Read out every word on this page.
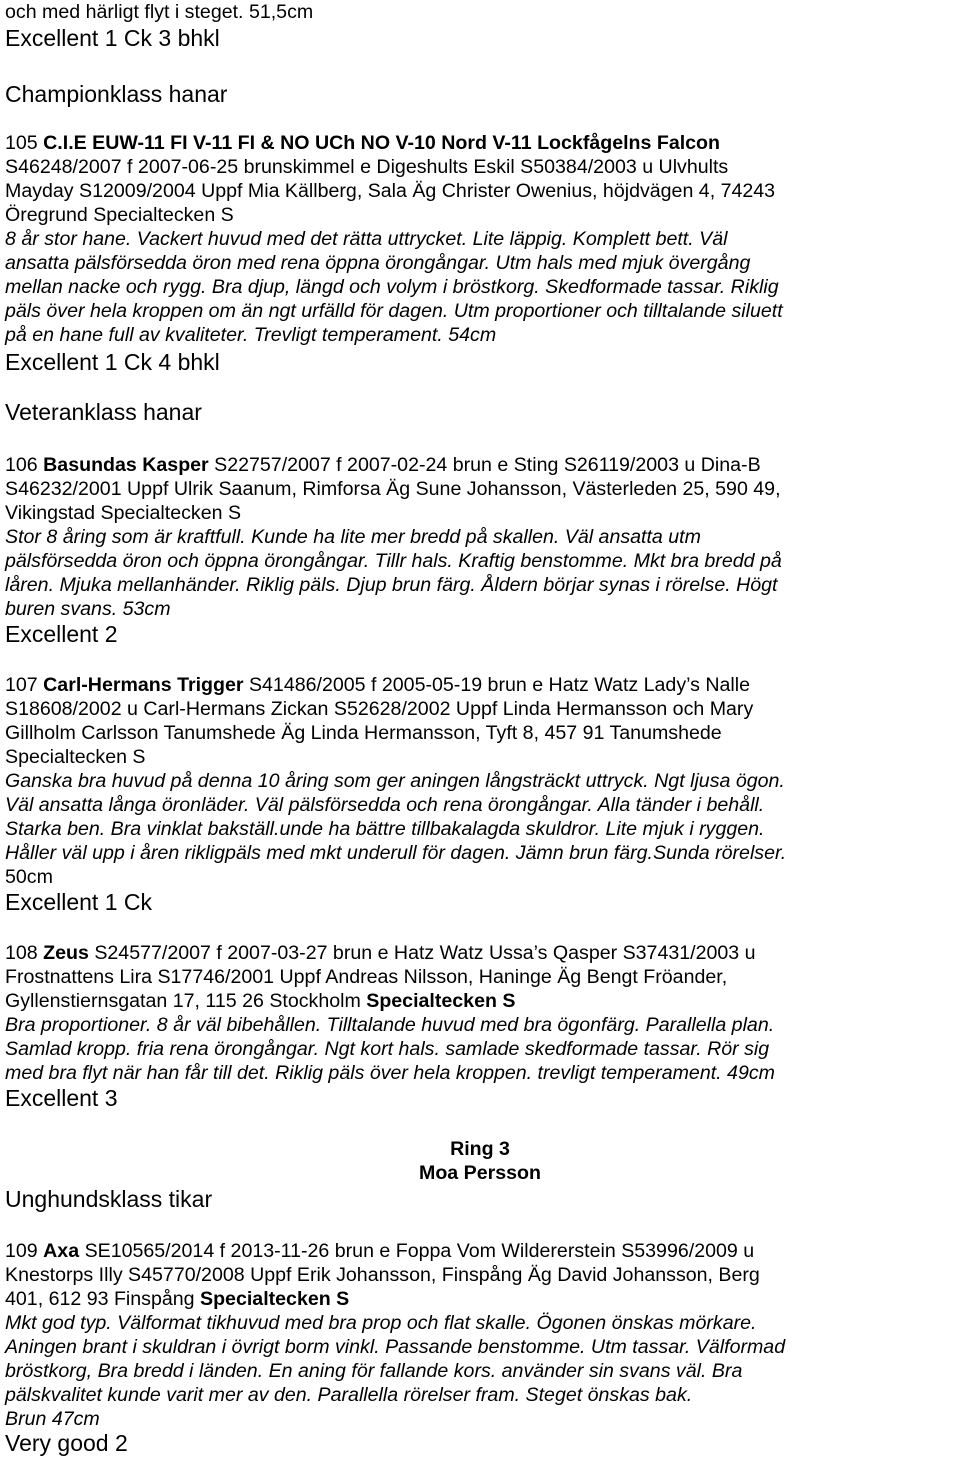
och med härligt flyt i steget. 51,5cm
Excellent 1 Ck 3 bhkl
Championklass hanar
105 C.I.E EUW-11 FI V-11 FI & NO UCh NO V-10 Nord V-11 Lockfågelns Falcon
S46248/2007 f 2007-06-25 brunskimmel e Digeshults Eskil S50384/2003 u Ulvhults
Mayday S12009/2004 Uppf Mia Källberg, Sala Äg Christer Owenius, höjdvägen 4, 74243
Öregrund Specialtecken S
8 år stor hane. Vackert huvud med det rätta uttrycket. Lite läppig. Komplett bett. Väl
ansatta pälsförsedda öron med rena öppna örongångar. Utm hals med mjuk övergång
mellan nacke och rygg. Bra djup, längd och volym i bröstkorg. Skedformade tassar. Riklig
päls över hela kroppen om än ngt urfälld för dagen. Utm proportioner och tilltalande siluett
på en hane full av kvaliteter. Trevligt temperament. 54cm
Excellent 1 Ck 4 bhkl
Veteranklass hanar
106 Basundas Kasper S22757/2007 f 2007-02-24 brun e Sting S26119/2003 u Dina-B
S46232/2001 Uppf Ulrik Saanum, Rimforsa Äg Sune Johansson, Västerleden 25, 590 49,
Vikingstad Specialtecken S
Stor 8 åring som är kraftfull. Kunde ha lite mer bredd på skallen. Väl ansatta utm
pälsförsedda öron och öppna örongångar. Tillr hals. Kraftig benstomme. Mkt bra bredd på
låren. Mjuka mellanhänder. Riklig päls. Djup brun färg. Åldern börjar synas i rörelse. Högt
buren svans. 53cm
Excellent 2
107 Carl-Hermans Trigger S41486/2005 f 2005-05-19 brun e Hatz Watz Lady’s Nalle
S18608/2002 u Carl-Hermans Zickan S52628/2002 Uppf Linda Hermansson och Mary
Gillholm Carlsson Tanumshede Äg Linda Hermansson, Tyft 8, 457 91 Tanumshede
Specialtecken S
Ganska bra huvud på denna 10 åring som ger aningen långsträckt uttryck. Ngt ljusa ögon.
Väl ansatta långa öronläder. Väl pälsförsedda och rena örongångar. Alla tänder i behåll.
Starka ben. Bra vinklat bakställ.unde ha bättre tillbakalagda skuldror. Lite mjuk i ryggen.
Håller väl upp i åren rikligpäls med mkt underull för dagen. Jämn brun färg.Sunda rörelser.
50cm
Excellent 1 Ck
108 Zeus S24577/2007 f 2007-03-27 brun e Hatz Watz Ussa’s Qasper S37431/2003 u
Frostnattens Lira S17746/2001 Uppf Andreas Nilsson, Haninge Äg Bengt Fröander,
Gyllenstiernsgatan 17, 115 26 Stockholm Specialtecken S
Bra proportioner. 8 år väl bibehållen. Tilltalande huvud med bra ögonfärg. Parallella plan.
Samlad kropp. fria rena örongångar. Ngt kort hals. samlade skedformade tassar. Rör sig
med bra flyt när han får till det. Riklig päls över hela kroppen. trevligt temperament. 49cm
Excellent 3
Ring 3
Moa Persson
Unghundsklass tikar
109 Axa SE10565/2014 f 2013-11-26 brun e Foppa Vom Wildererstein S53996/2009 u
Knestorps Illy S45770/2008 Uppf Erik Johansson, Finspång Äg David Johansson, Berg
401, 612 93 Finspång Specialtecken S
Mkt god typ. Välformat tikhuvud med bra prop och flat skalle. Ögonen önskas mörkare.
Aningen brant i skuldran i övrigt borm vinkl. Passande benstomme. Utm tassar. Välformad
bröstkorg, Bra bredd i länden. En aning för fallande kors. använder sin svans väl. Bra
pälskvalitet kunde varit mer av den. Parallella rörelser fram. Steget önskas bak.
Brun 47cm
Very good 2
